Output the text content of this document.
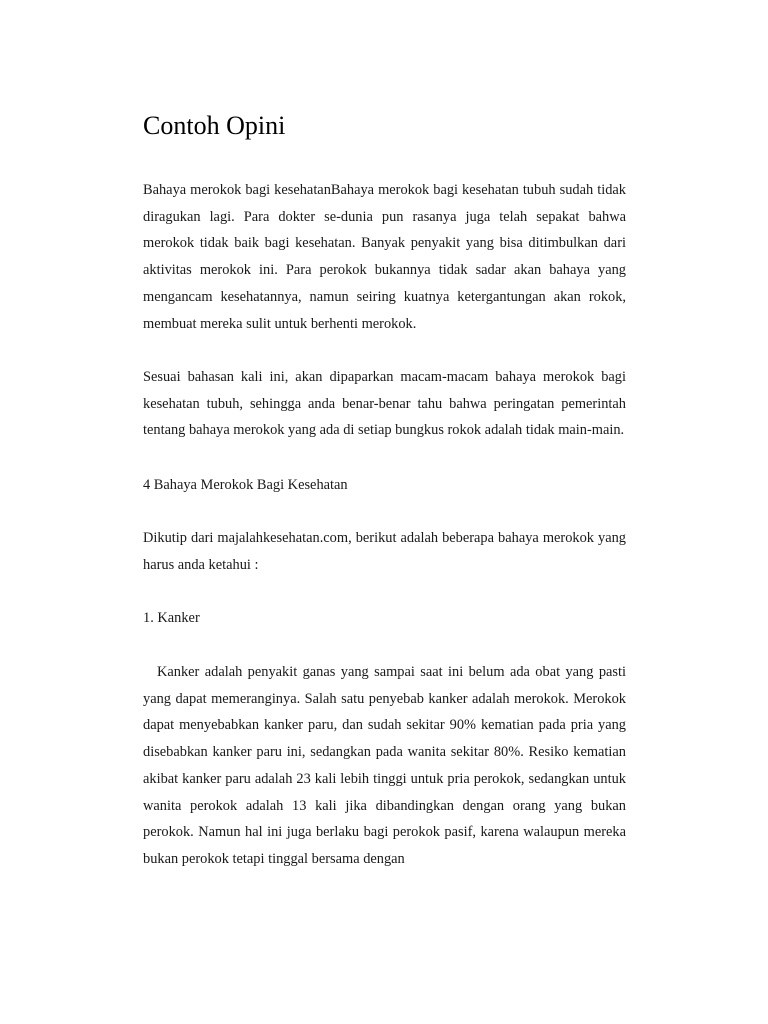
Contoh Opini

Bahaya merokok bagi kesehatanBahaya merokok bagi kesehatan tubuh sudah tidak diragukan lagi. Para dokter se-dunia pun rasanya juga telah sepakat bahwa merokok tidak baik bagi kesehatan. Banyak penyakit yang bisa ditimbulkan dari aktivitas merokok ini. Para perokok bukannya tidak sadar akan bahaya yang mengancam kesehatannya, namun seiring kuatnya ketergantungan akan rokok, membuat mereka sulit untuk berhenti merokok.

Sesuai bahasan kali ini, akan dipaparkan macam-macam bahaya merokok bagi kesehatan tubuh, sehingga anda benar-benar tahu bahwa peringatan pemerintah tentang bahaya merokok yang ada di setiap bungkus rokok adalah tidak main-main.

4 Bahaya Merokok Bagi Kesehatan

Dikutip dari majalahkesehatan.com, berikut adalah beberapa bahaya merokok yang harus anda ketahui :

1. Kanker

Kanker adalah penyakit ganas yang sampai saat ini belum ada obat yang pasti yang dapat memeranginya. Salah satu penyebab kanker adalah merokok. Merokok dapat menyebabkan kanker paru, dan sudah sekitar 90% kematian pada pria yang disebabkan kanker paru ini, sedangkan pada wanita sekitar 80%. Resiko kematian akibat kanker paru adalah 23 kali lebih tinggi untuk pria perokok, sedangkan untuk wanita perokok adalah 13 kali jika dibandingkan dengan orang yang bukan perokok. Namun hal ini juga berlaku bagi perokok pasif, karena walaupun mereka bukan perokok tetapi tinggal bersama dengan
